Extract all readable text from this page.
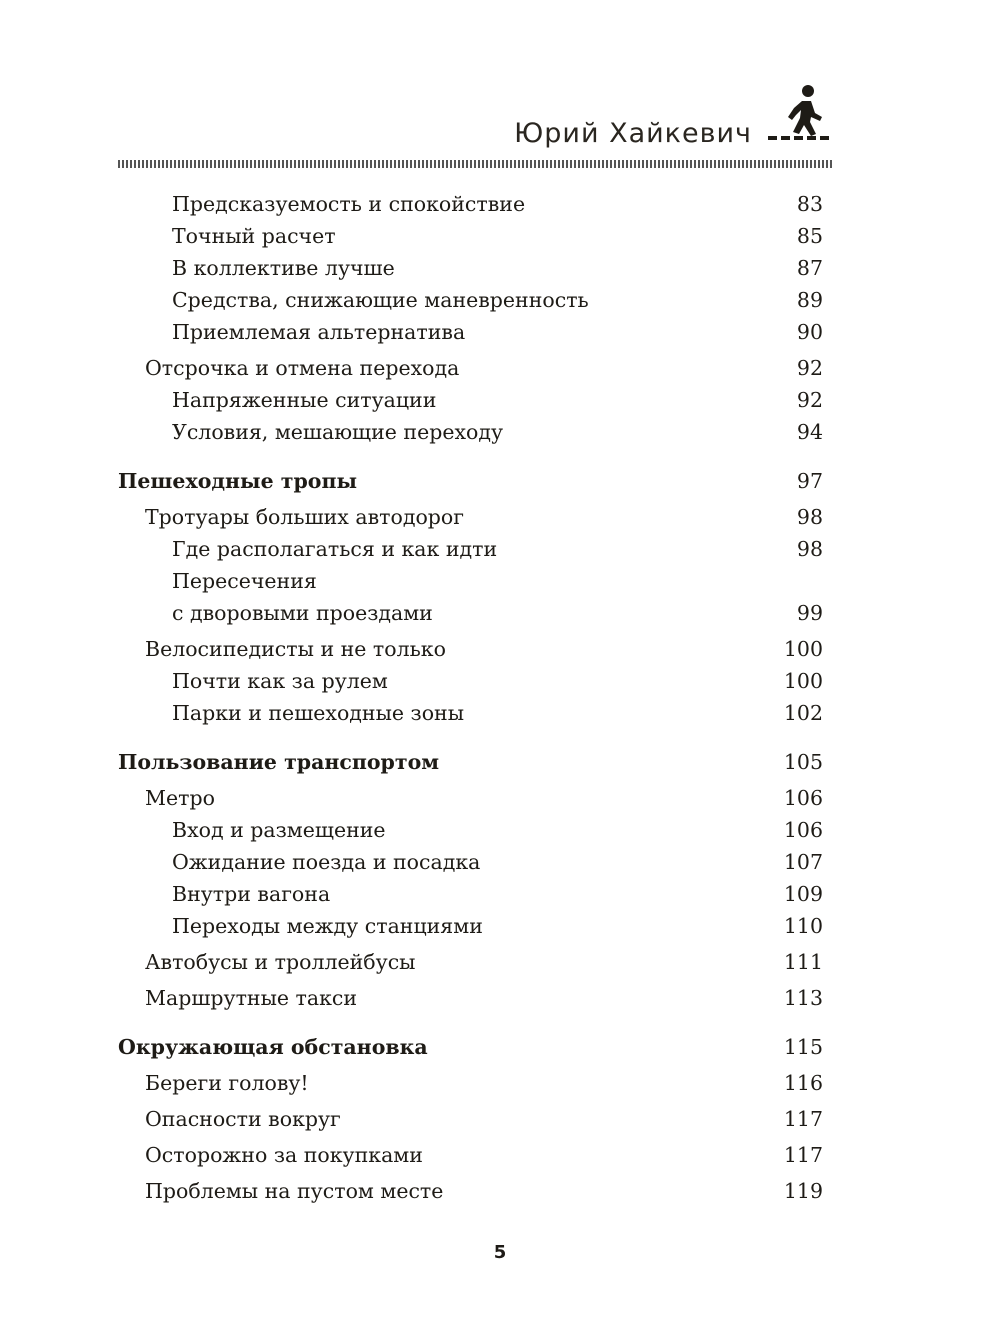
Юрий Хайкевич
Предсказуемость и спокойствие . . .	83
Точный расчет . . .	85
В коллективе лучше . . .	87
Средства, снижающие маневренность . . .	89
Приемлемая альтернатива . . .	90
Отсрочка и отмена перехода . . .	92
Напряженные ситуации . . .	92
Условия, мешающие переходу . . .	94
Пешеходные тропы . . .	97
Тротуары больших автодорог . . .	98
Где располагаться и как идти . . .	98
Пересечения
с дворовыми проездами . . .	99
Велосипедисты и не только . . .	100
Почти как за рулем . . .	100
Парки и пешеходные зоны . . .	102
Пользование транспортом . . .	105
Метро . . .	106
Вход и размещение . . .	106
Ожидание поезда и посадка . . .	107
Внутри вагона . . .	109
Переходы между станциями . . .	110
Автобусы и троллейбусы . . .	111
Маршрутные такси . . .	113
Окружающая обстановка . . .	115
Береги голову! . . .	116
Опасности вокруг . . .	117
Осторожно за покупками . . .	117
Проблемы на пустом месте . . .	119
5
